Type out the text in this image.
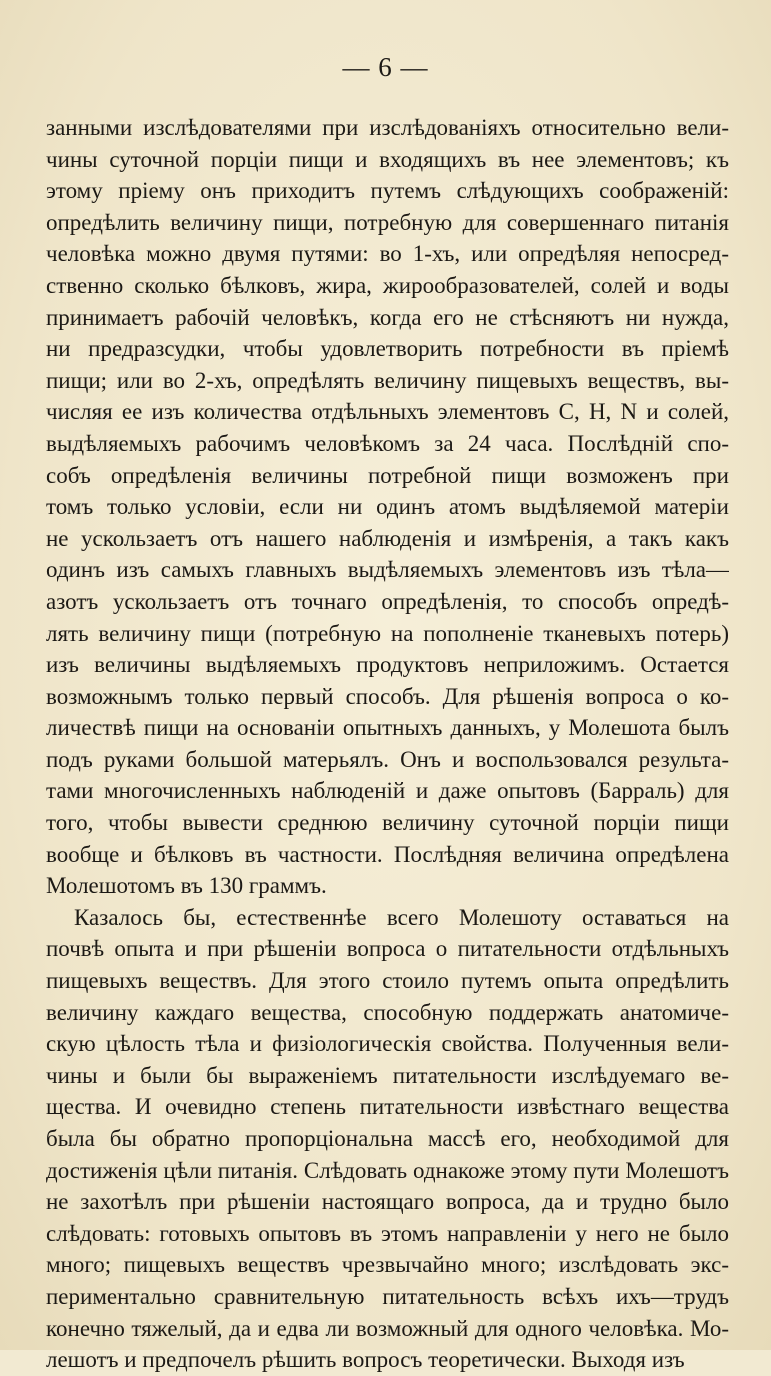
— 6 —
занными изслѣдователями при изслѣдованіяхъ относительно вели-
чины суточной порціи пищи и входящихъ въ нее элементовъ; къ
этому пріему онъ приходитъ путемъ слѣдующихъ соображеній:
опредѣлить величину пищи, потребную для совершеннаго питанія
человѣка можно двумя путями: во 1-хъ, или опредѣляя непосред-
ственно сколько бѣлковъ, жира, жирообразователей, солей и воды
принимаетъ рабочій человѣкъ, когда его не стѣсняютъ ни нужда,
ни предразсудки, чтобы удовлетворить потребности въ пріемѣ
пищи; или во 2-хъ, опредѣлять величину пищевыхъ веществъ, вы-
числяя ее изъ количества отдѣльныхъ элементовъ С, Н, N и солей,
выдѣляемыхъ рабочимъ человѣкомъ за 24 часа. Послѣдній спо-
собъ опредѣленія величины потребной пищи возможенъ при
томъ только условіи, если ни одинъ атомъ выдѣляемой матеріи
не ускользаетъ отъ нашего наблюденія и измѣренія, а такъ какъ
одинъ изъ самыхъ главныхъ выдѣляемыхъ элементовъ изъ тѣла—
азотъ ускользаетъ отъ точнаго опредѣленія, то способъ опредѣ-
лять величину пищи (потребную на пополненіе тканевыхъ потерь)
изъ величины выдѣляемыхъ продуктовъ неприложимъ. Остается
возможнымъ только первый способъ. Для рѣшенія вопроса о ко-
личествѣ пищи на основаніи опытныхъ данныхъ, у Молешота былъ
подъ руками большой матерьялъ. Онъ и воспользовался результа-
тами многочисленныхъ наблюденій и даже опытовъ (Барраль) для
того, чтобы вывести среднюю величину суточной порціи пищи
вообще и бѣлковъ въ частности. Послѣдняя величина опредѣлена
Молешотомъ въ 130 граммъ.
Казалось бы, естественнѣе всего Молешоту оставаться на
почвѣ опыта и при рѣшеніи вопроса о питательности отдѣльныхъ
пищевыхъ веществъ. Для этого стоило путемъ опыта опредѣлить
величину каждаго вещества, способную поддержать анатомиче-
скую цѣлость тѣла и физіологическія свойства. Полученныя вели-
чины и были бы выраженіемъ питательности изслѣдуемаго ве-
щества. И очевидно степень питательности извѣстнаго вещества
была бы обратно пропорціональна массѣ его, необходимой для
достиженія цѣли питанія. Слѣдовать однакоже этому пути Молешотъ
не захотѣлъ при рѣшеніи настоящаго вопроса, да и трудно было
слѣдовать: готовыхъ опытовъ въ этомъ направленіи у него не было
много; пищевыхъ веществъ чрезвычайно много; изслѣдовать экс-
периментально сравнительную питательность всѣхъ ихъ—трудъ
конечно тяжелый, да и едва ли возможный для одного человѣка. Мо-
лешотъ и предпочелъ рѣшить вопросъ теоретически. Выходя изъ
